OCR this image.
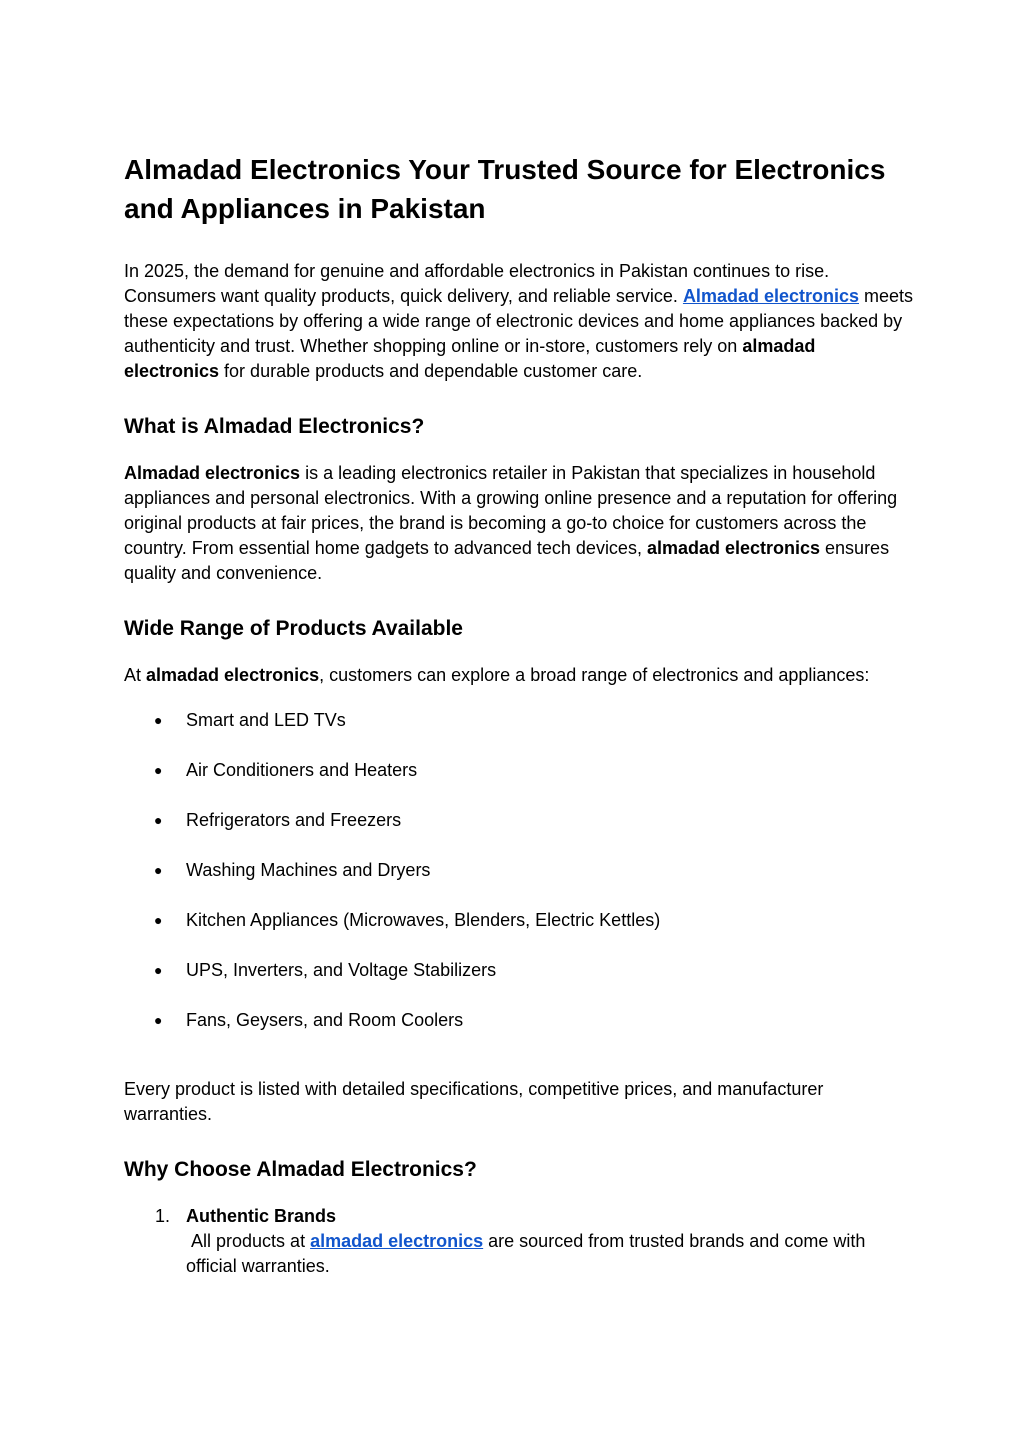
Almadad Electronics Your Trusted Source for Electronics and Appliances in Pakistan

In 2025, the demand for genuine and affordable electronics in Pakistan continues to rise. Consumers want quality products, quick delivery, and reliable service. Almadad electronics meets these expectations by offering a wide range of electronic devices and home appliances backed by authenticity and trust. Whether shopping online or in-store, customers rely on almadad electronics for durable products and dependable customer care.

What is Almadad Electronics?

Almadad electronics is a leading electronics retailer in Pakistan that specializes in household appliances and personal electronics. With a growing online presence and a reputation for offering original products at fair prices, the brand is becoming a go-to choice for customers across the country. From essential home gadgets to advanced tech devices, almadad electronics ensures quality and convenience.

Wide Range of Products Available

At almadad electronics, customers can explore a broad range of electronics and appliances:

● Smart and LED TVs
● Air Conditioners and Heaters
● Refrigerators and Freezers
● Washing Machines and Dryers
● Kitchen Appliances (Microwaves, Blenders, Electric Kettles)
● UPS, Inverters, and Voltage Stabilizers
● Fans, Geysers, and Room Coolers

Every product is listed with detailed specifications, competitive prices, and manufacturer warranties.

Why Choose Almadad Electronics?
1. Authentic Brands
All products at almadad electronics are sourced from trusted brands and come with official warranties.
